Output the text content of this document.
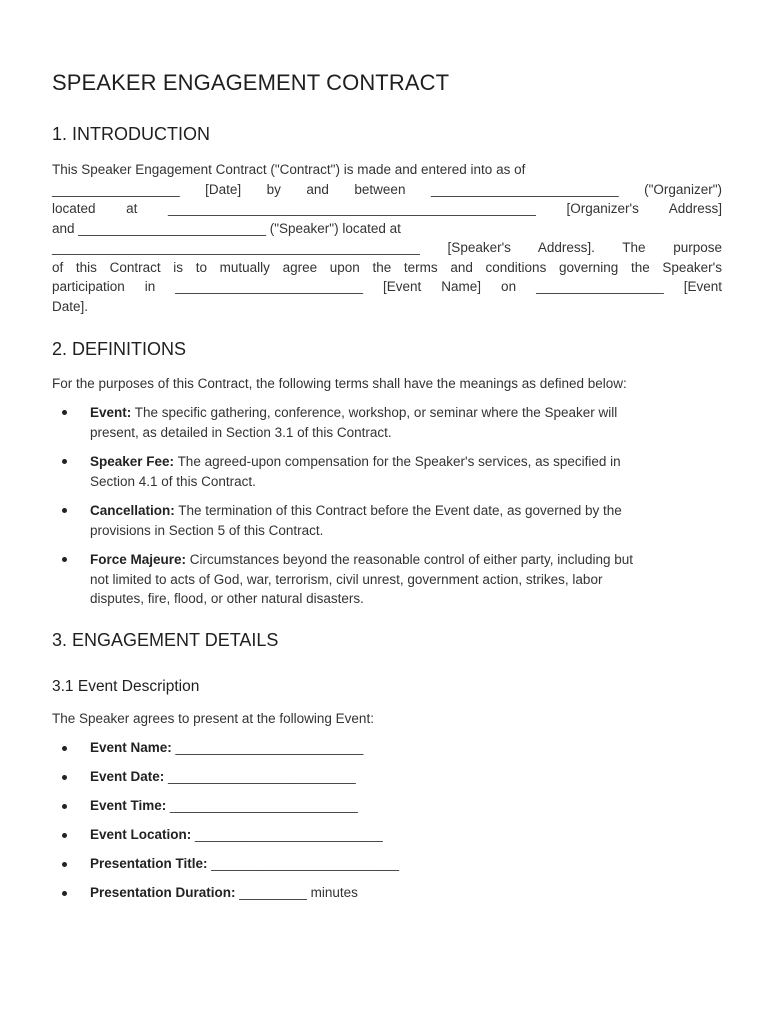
SPEAKER ENGAGEMENT CONTRACT
1. INTRODUCTION
This Speaker Engagement Contract ("Contract") is made and entered into as of
_________________ [Date] by and between _________________________ ("Organizer")
located at _________________________________________________ [Organizer's Address]
and _________________________ ("Speaker") located at
_________________________________________________ [Speaker's Address]. The purpose
of this Contract is to mutually agree upon the terms and conditions governing the Speaker's
participation in _________________________ [Event Name] on _________________ [Event
Date].
2. DEFINITIONS

For the purposes of this Contract, the following terms shall have the meanings as defined below:

Event: The specific gathering, conference, workshop, or seminar where the Speaker will
present, as detailed in Section 3.1 of this Contract.
Speaker Fee: The agreed-upon compensation for the Speaker's services, as specified in
Section 4.1 of this Contract.
Cancellation: The termination of this Contract before the Event date, as governed by the
provisions in Section 5 of this Contract.
Force Majeure: Circumstances beyond the reasonable control of either party, including but
not limited to acts of God, war, terrorism, civil unrest, government action, strikes, labor
disputes, fire, flood, or other natural disasters.
3. ENGAGEMENT DETAILS
3.1 Event Description

The Speaker agrees to present at the following Event:

Event Name: _________________________
Event Date: _________________________
Event Time: _________________________
Event Location: _________________________
Presentation Title: _________________________
Presentation Duration: _________ minutes
